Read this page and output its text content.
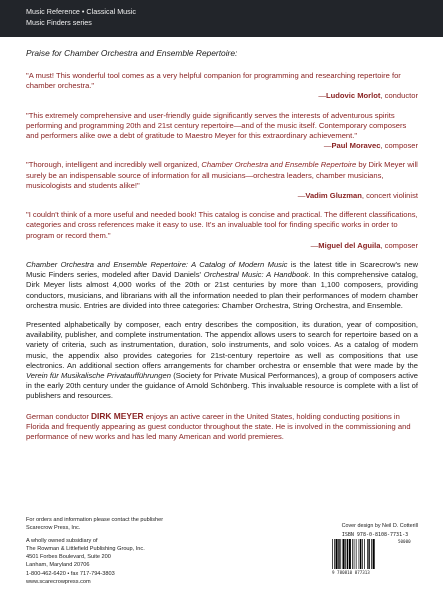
Music Reference • Classical Music
Music Finders series
Praise for Chamber Orchestra and Ensemble Repertoire:
"A must! This wonderful tool comes as a very helpful companion for programming and researching repertoire for chamber orchestra."
—Ludovic Morlot, conductor
"This extremely comprehensive and user-friendly guide significantly serves the interests of adventurous spirits performing and programming 20th and 21st century repertoire—and of the music itself. Contemporary composers and performers alike owe a debt of gratitude to Maestro Meyer for this extraordinary achievement."
—Paul Moravec, composer
"Thorough, intelligent and incredibly well organized, Chamber Orchestra and Ensemble Repertoire by Dirk Meyer will surely be an indispensable source of information for all musicians—orchestra leaders, chamber musicians, musicologists and students alike!"
—Vadim Gluzman, concert violinist
"I couldn't think of a more useful and needed book! This catalog is concise and practical. The different classifications, categories and cross references make it easy to use. It's an invaluable tool for finding specific works in order to program or record them."
—Miguel del Aguila, composer
Chamber Orchestra and Ensemble Repertoire: A Catalog of Modern Music is the latest title in Scarecrow's new Music Finders series, modeled after David Daniels' Orchestral Music: A Handbook. In this comprehensive catalog, Dirk Meyer lists almost 4,000 works of the 20th or 21st centuries by more than 1,100 composers, providing conductors, musicians, and librarians with all the information needed to plan their performances of modern chamber orchestra music. Entries are divided into three categories: Chamber Orchestra, String Orchestra, and Ensemble.
Presented alphabetically by composer, each entry describes the composition, its duration, year of composition, availability, publisher, and complete instrumentation. The appendix allows users to search for repertoire based on a variety of criteria, such as instrumentation, duration, solo instruments, and solo voices. As a catalog of modern music, the appendix also provides categories for 21st-century repertoire as well as compositions that use electronics. An additional section offers arrangements for chamber orchestra or ensemble that were made by the Verein für Musikalische Privataufführungen (Society for Private Musical Performances), a group of composers active in the early 20th century under the guidance of Arnold Schönberg. This invaluable resource is complete with a list of publishers and resources.
German conductor DIRK MEYER enjoys an active career in the United States, holding conducting positions in Florida and frequently appearing as guest conductor throughout the state. He is involved in the commissioning and performance of new works and has led many American and world premieres.
For orders and information please contact the publisher
Scarecrow Press, Inc.
A wholly owned subsidiary of
The Rowman & Littlefield Publishing Group, Inc.
4501 Forbes Boulevard, Suite 200
Lanham, Maryland 20706
1-800-462-6420 • fax 717-794-3803
www.scarecrowpress.com
Cover design by Neil D. Cotterill
ISBN 978-0-8108-7731-3
50000
9 780810 877313
